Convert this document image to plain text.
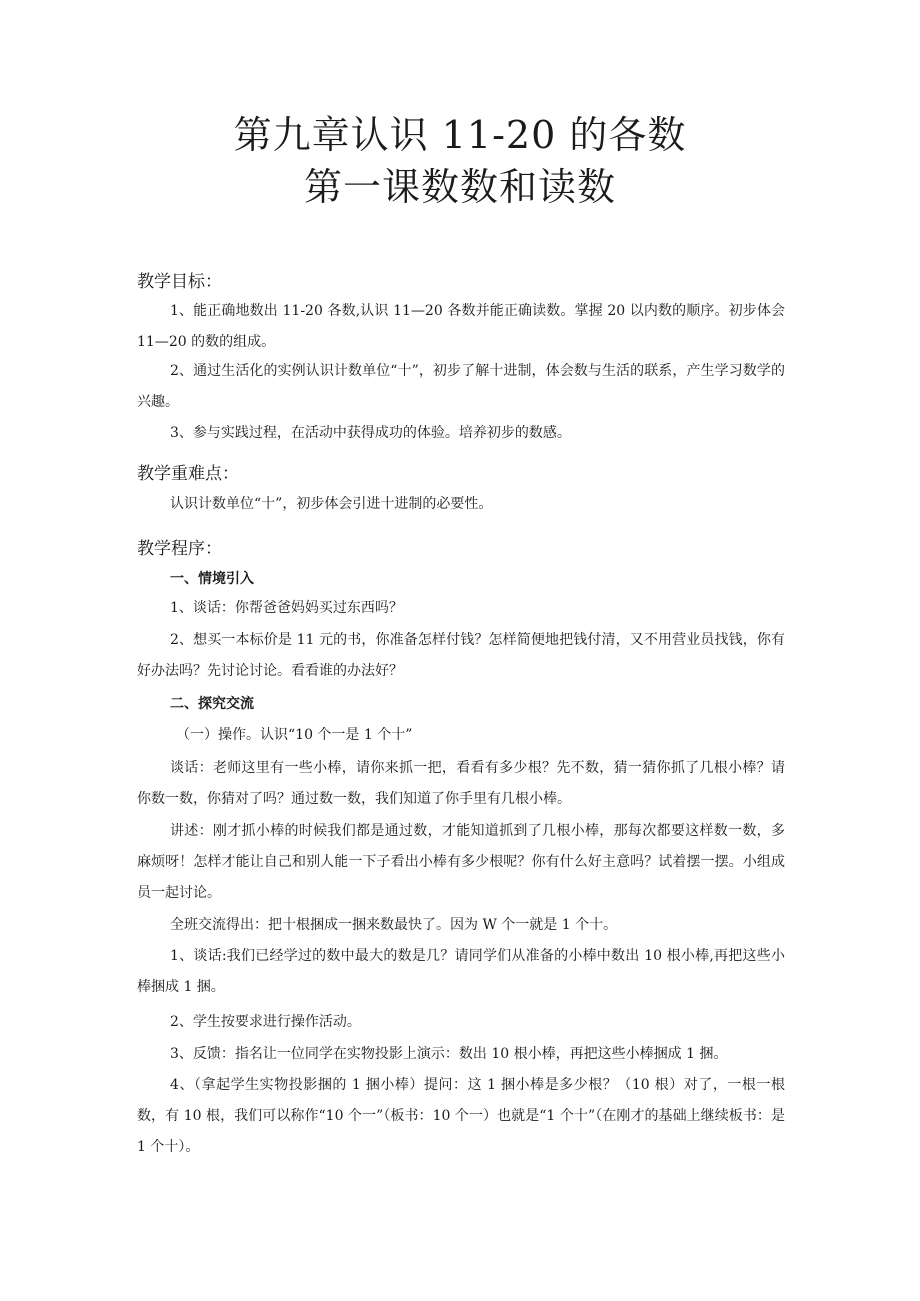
第九章认识 11-20 的各数
第一课数数和读数
教学目标：
1、能正确地数出 11-20 各数,认识 11—20 各数并能正确读数。掌握 20 以内数的顺序。初步体会 11—20 的数的组成。
2、通过生活化的实例认识计数单位“十”，初步了解十进制，体会数与生活的联系，产生学习数学的兴趣。
3、参与实践过程，在活动中获得成功的体验。培养初步的数感。
教学重难点：
认识计数单位“十”，初步体会引进十进制的必要性。
教学程序：
一、情境引入
1、谈话：你帮爸爸妈妈买过东西吗？
2、想买一本标价是 11 元的书，你准备怎样付钱？怎样简便地把钱付清，又不用营业员找钱，你有好办法吗？先讨论讨论。看看谁的办法好？
二、探究交流
（一）操作。认识“10 个一是 1 个十”
谈话：老师这里有一些小棒，请你来抓一把，看看有多少根？先不数，猜一猜你抓了几根小棒？请你数一数，你猜对了吗？通过数一数，我们知道了你手里有几根小棒。
讲述：刚才抓小棒的时候我们都是通过数，才能知道抓到了几根小棒，那每次都要这样数一数，多麻烦呀！怎样才能让自己和别人能一下子看出小棒有多少根呢？你有什么好主意吗？试着摆一摆。小组成员一起讨论。
全班交流得出：把十根捆成一捆来数最快了。因为 W 个一就是 1 个十。
1、谈话:我们已经学过的数中最大的数是几？请同学们从准备的小棒中数出 10 根小棒,再把这些小棒捆成 1 捆。
2、学生按要求进行操作活动。
3、反馈：指名让一位同学在实物投影上演示：数出 10 根小棒，再把这些小棒捆成 1 捆。
4、（拿起学生实物投影捆的 1 捆小棒）提问：这 1 捆小棒是多少根？（10 根）对了，一根一根数，有 10 根，我们可以称作“10 个一”（板书：10 个一）也就是“1 个十”（在刚才的基础上继续板书：是 1 个十）。
